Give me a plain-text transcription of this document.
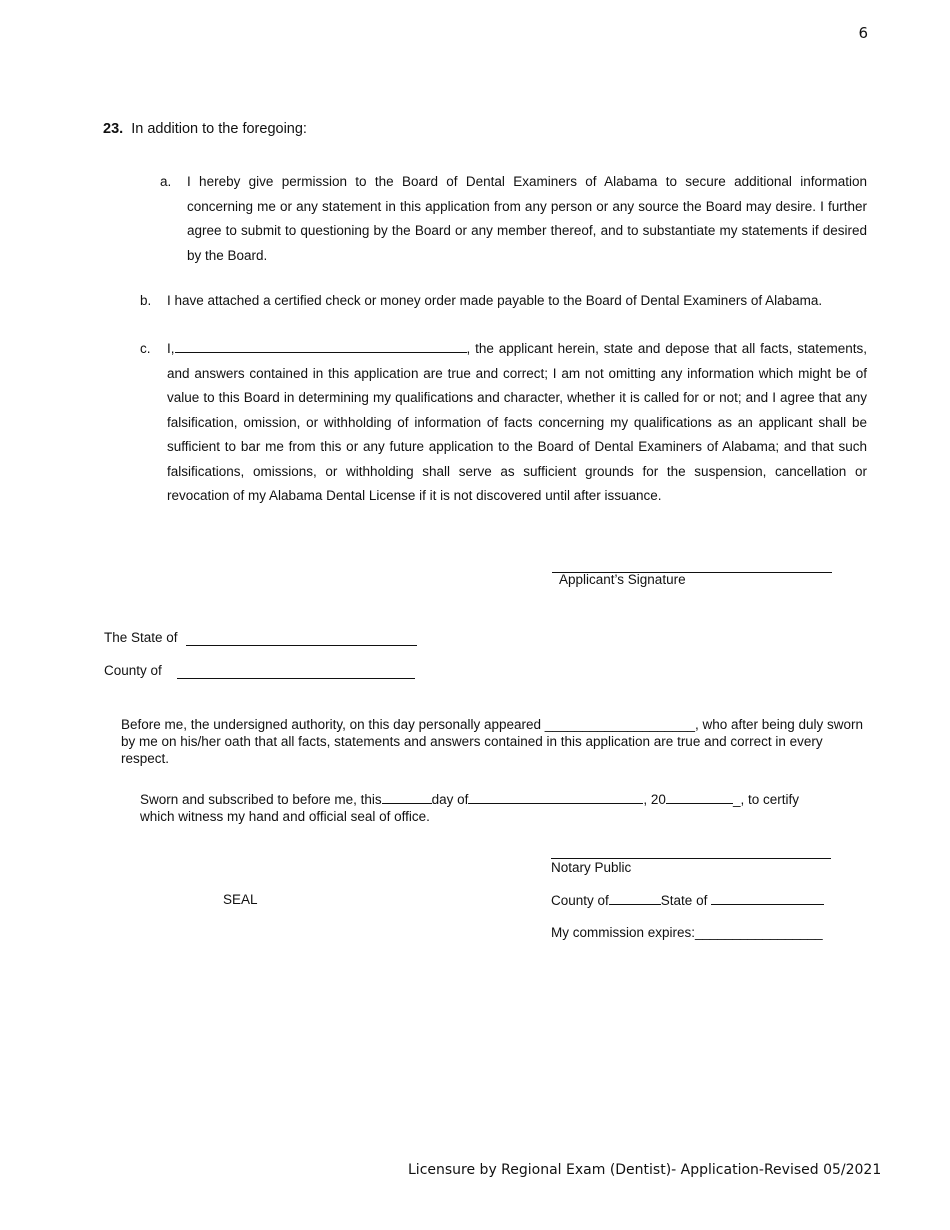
6
23. In addition to the foregoing:
a. I hereby give permission to the Board of Dental Examiners of Alabama to secure additional information concerning me or any statement in this application from any person or any source the Board may desire. I further agree to submit to questioning by the Board or any member thereof, and to substantiate my statements if desired by the Board.
b. I have attached a certified check or money order made payable to the Board of Dental Examiners of Alabama.
c. I,	, the applicant herein, state and depose that all facts, statements, and answers contained in this application are true and correct; I am not omitting any information which might be of value to this Board in determining my qualifications and character, whether it is called for or not; and I agree that any falsification, omission, or withholding of information of facts concerning my qualifications as an applicant shall be sufficient to bar me from this or any future application to the Board of Dental Examiners of Alabama; and that such falsifications, omissions, or withholding shall serve as sufficient grounds for the suspension, cancellation or revocation of my Alabama Dental License if it is not discovered until after issuance.
Applicant’s Signature
The State of
County of
Before me, the undersigned authority, on this day personally appeared ____________________, who after being duly sworn by me on his/her oath that all facts, statements and answers contained in this application are true and correct in every respect.
Sworn and subscribed to before me, this	day of	, 20	_, to certify which witness my hand and official seal of office.
Notary Public
SEAL	County of	State of
My commission expires:_________________
Licensure by Regional Exam (Dentist)- Application-Revised 05/2021
